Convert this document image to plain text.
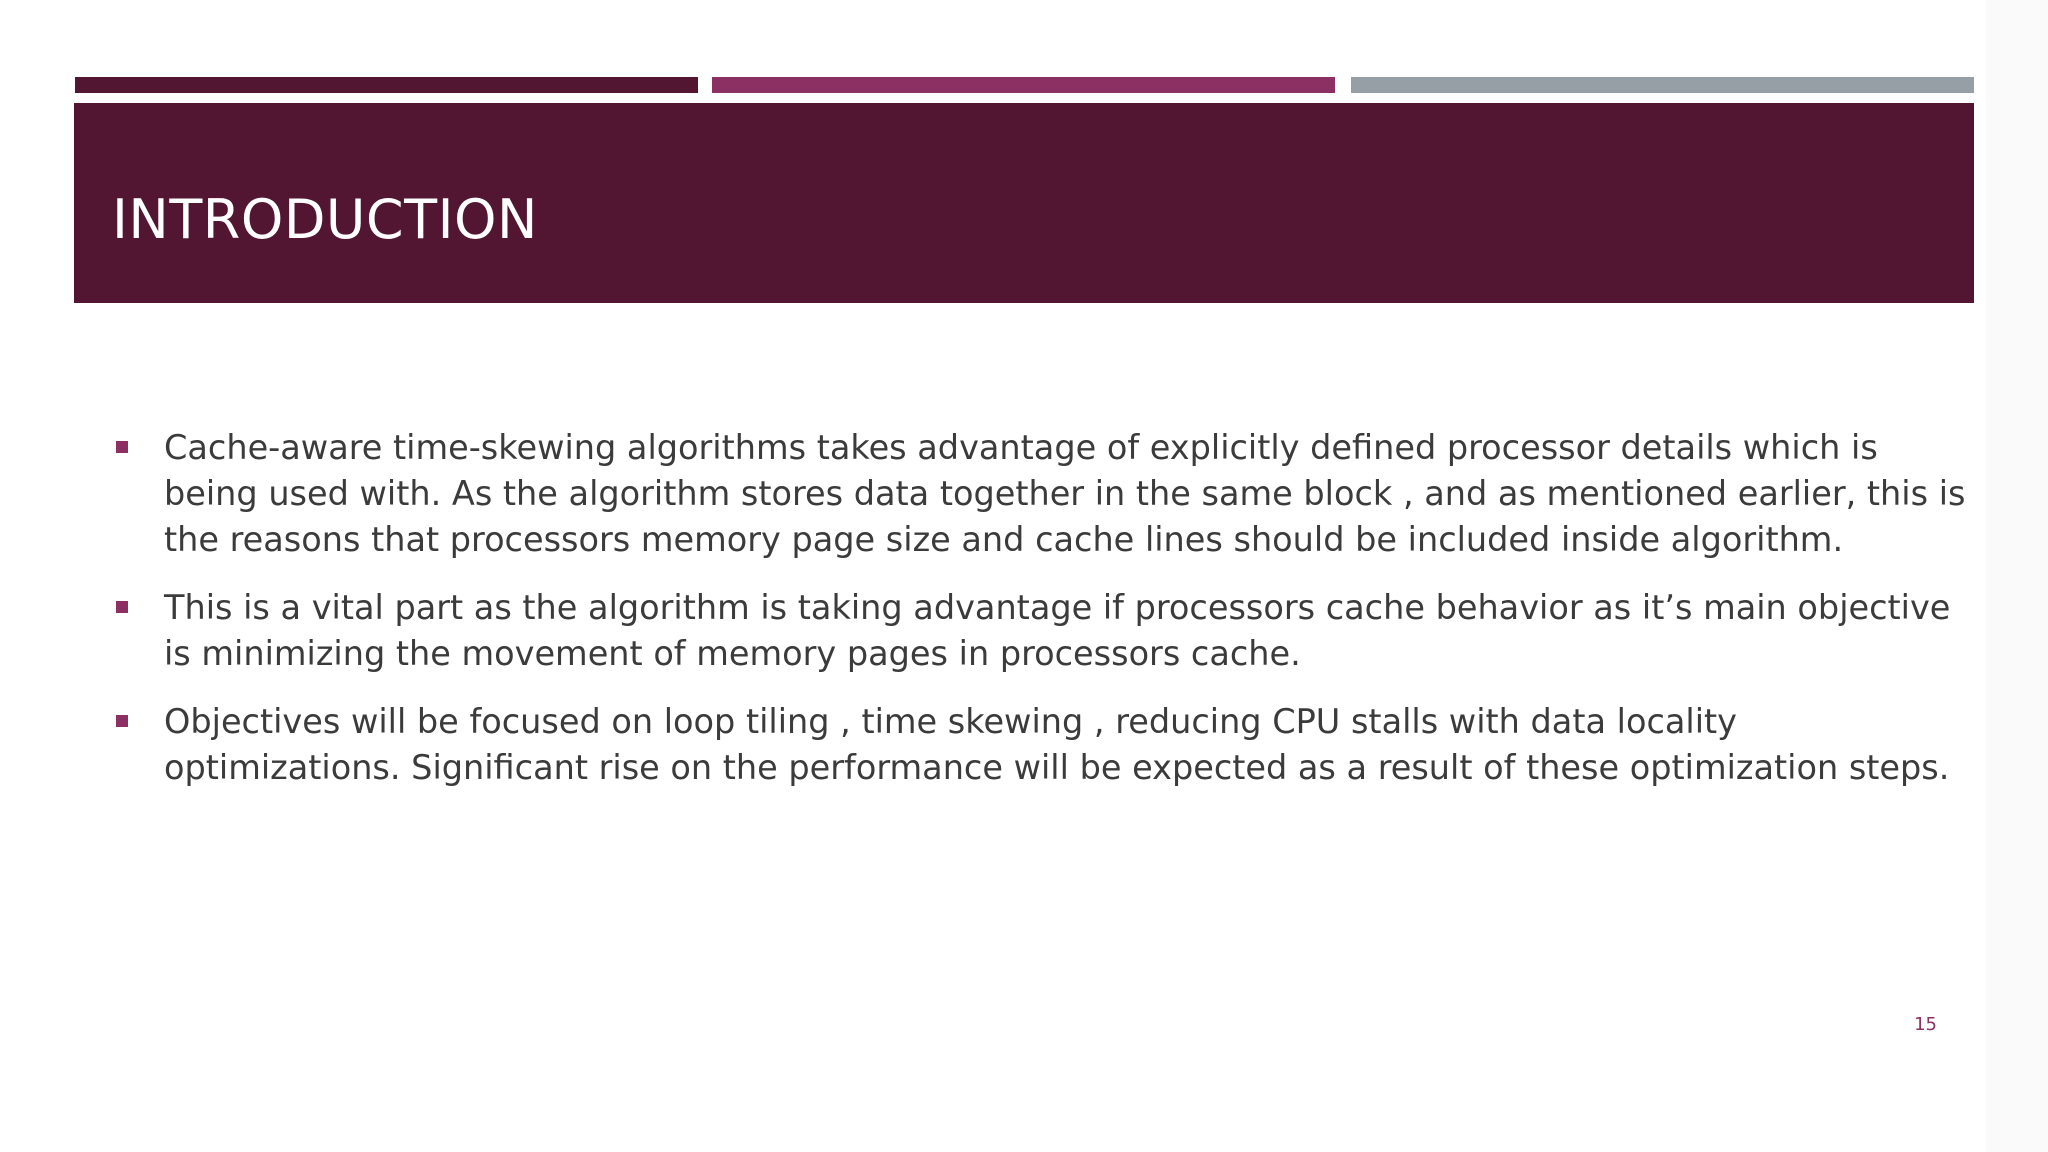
INTRODUCTION
Cache-aware time-skewing algorithms takes advantage of explicitly defined processor details which is being used with. As the algorithm stores data together in the same block , and as mentioned earlier, this is the reasons that processors memory page size and cache lines should be included inside algorithm.
This is a vital part as the algorithm is taking advantage if processors cache behavior as it’s main objective is minimizing the movement of memory pages in processors cache.
Objectives will be focused on loop tiling , time skewing , reducing CPU stalls with data locality optimizations. Significant rise on the performance will be expected as a result of these optimization steps.
15
